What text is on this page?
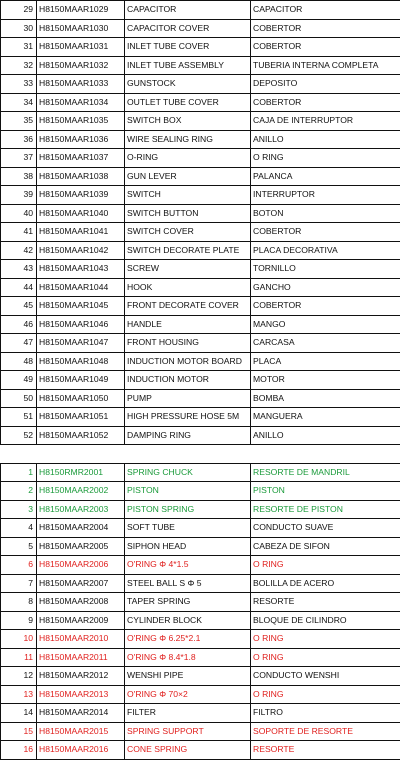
29	H8150MAAR1029	CAPACITOR	CAPACITOR
30	H8150MAAR1030	CAPACITOR COVER	COBERTOR
31	H8150MAAR1031	INLET TUBE COVER	COBERTOR
32	H8150MAAR1032	INLET TUBE ASSEMBLY	TUBERIA INTERNA COMPLETA
33	H8150MAAR1033	GUNSTOCK	DEPOSITO
34	H8150MAAR1034	OUTLET TUBE COVER	COBERTOR
35	H8150MAAR1035	SWITCH BOX	CAJA DE INTERRUPTOR
36	H8150MAAR1036	WIRE SEALING RING	ANILLO
37	H8150MAAR1037	O-RING	O RING
38	H8150MAAR1038	GUN LEVER	PALANCA
39	H8150MAAR1039	SWITCH	INTERRUPTOR
40	H8150MAAR1040	SWITCH BUTTON	BOTON
41	H8150MAAR1041	SWITCH COVER	COBERTOR
42	H8150MAAR1042	SWITCH DECORATE PLATE	PLACA DECORATIVA
43	H8150MAAR1043	SCREW	TORNILLO
44	H8150MAAR1044	HOOK	GANCHO
45	H8150MAAR1045	FRONT DECORATE COVER	COBERTOR
46	H8150MAAR1046	HANDLE	MANGO
47	H8150MAAR1047	FRONT HOUSING	CARCASA
48	H8150MAAR1048	INDUCTION MOTOR BOARD	PLACA
49	H8150MAAR1049	INDUCTION MOTOR	MOTOR
50	H8150MAAR1050	PUMP	BOMBA
51	H8150MAAR1051	HIGH PRESSURE HOSE 5M	MANGUERA
52	H8150MAAR1052	DAMPING RING	ANILLO

1	H8150RMR2001	SPRING CHUCK	RESORTE DE MANDRIL
2	H8150MAAR2002	PISTON	PISTON
3	H8150MAAR2003	PISTON SPRING	RESORTE DE PISTON
4	H8150MAAR2004	SOFT TUBE	CONDUCTO SUAVE
5	H8150MAAR2005	SIPHON HEAD	CABEZA DE SIFON
6	H8150MAAR2006	O'RING Φ 4*1.5	O RING
7	H8150MAAR2007	STEEL BALL S Φ 5	BOLILLA DE ACERO
8	H8150MAAR2008	TAPER SPRING	RESORTE
9	H8150MAAR2009	CYLINDER BLOCK	BLOQUE DE CILINDRO
10	H8150MAAR2010	O'RING Φ 6.25*2.1	O RING
11	H8150MAAR2011	O'RING Φ 8.4*1.8	O RING
12	H8150MAAR2012	WENSHI PIPE	CONDUCTO WENSHI
13	H8150MAAR2013	O'RING Φ 70×2	O RING
14	H8150MAAR2014	FILTER	FILTRO
15	H8150MAAR2015	SPRING SUPPORT	SOPORTE DE RESORTE
16	H8150MAAR2016	CONE SPRING	RESORTE
